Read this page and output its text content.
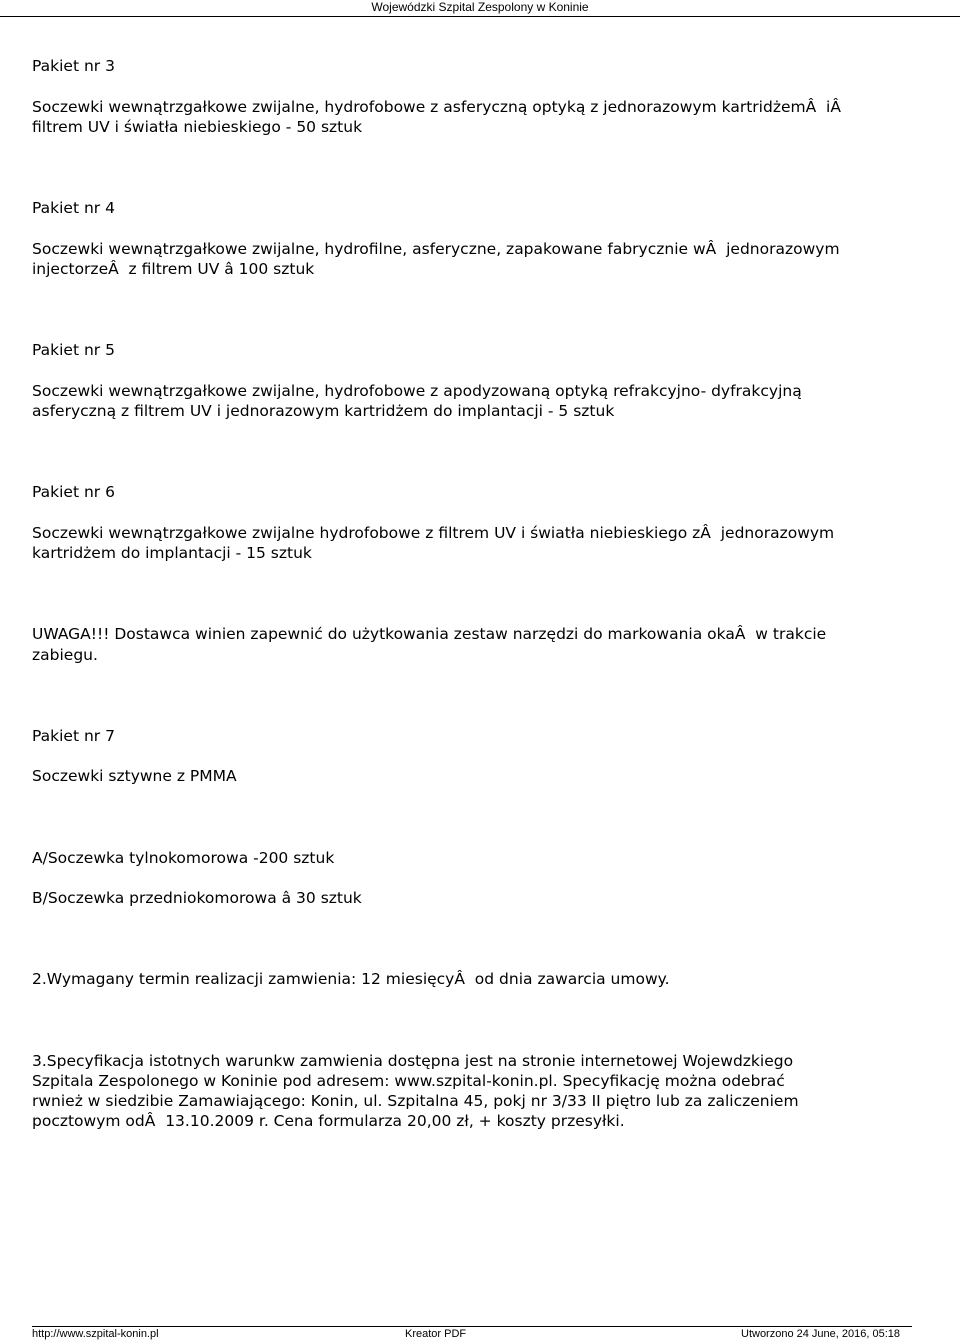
Wojewódzki Szpital Zespolony w Koninie
Pakiet nr 3
Soczewki wewnątrzgałkowe zwijalne, hydrofobowe z asferyczną optyką z jednorazowym kartridżemÂ  iÂ
filtrem UV i światła niebieskiego - 50 sztuk
Pakiet nr 4
Soczewki wewnątrzgałkowe zwijalne, hydrofilne, asferyczne, zapakowane fabrycznie wÂ  jednorazowym
injectorzeÂ  z filtrem UV â 100 sztuk
Pakiet nr 5
Soczewki wewnątrzgałkowe zwijalne, hydrofobowe z apodyzowaną optyką refrakcyjno- dyfrakcyjną
asferyczną z filtrem UV i jednorazowym kartridżem do implantacji - 5 sztuk
Pakiet nr 6
Soczewki wewnątrzgałkowe zwijalne hydrofobowe z filtrem UV i światła niebieskiego zÂ  jednorazowym
kartridżem do implantacji - 15 sztuk
UWAGA!!! Dostawca winien zapewnić do użytkowania zestaw narzędzi do markowania okaÂ  w trakcie
zabiegu.
Pakiet nr 7
Soczewki sztywne z PMMA
A/Soczewka tylnokomorowa -200 sztuk
B/Soczewka przedniokomorowa â 30 sztuk
2.Wymagany termin realizacji zamwienia: 12 miesięcyÂ  od dnia zawarcia umowy.
3.Specyfikacja istotnych warunkw zamwienia dostępna jest na stronie internetowej Wojewdzkiego
Szpitala Zespolonego w Koninie pod adresem: www.szpital-konin.pl. Specyfikację można odebrać
rwnież w siedzibie Zamawiającego: Konin, ul. Szpitalna 45, pokj nr 3/33 II piętro lub za zaliczeniem
pocztowym odÂ  13.10.2009 r. Cena formularza 20,00 zł, + koszty przesyłki.
http://www.szpital-konin.pl	Kreator PDF	Utworzono 24 June, 2016, 05:18
